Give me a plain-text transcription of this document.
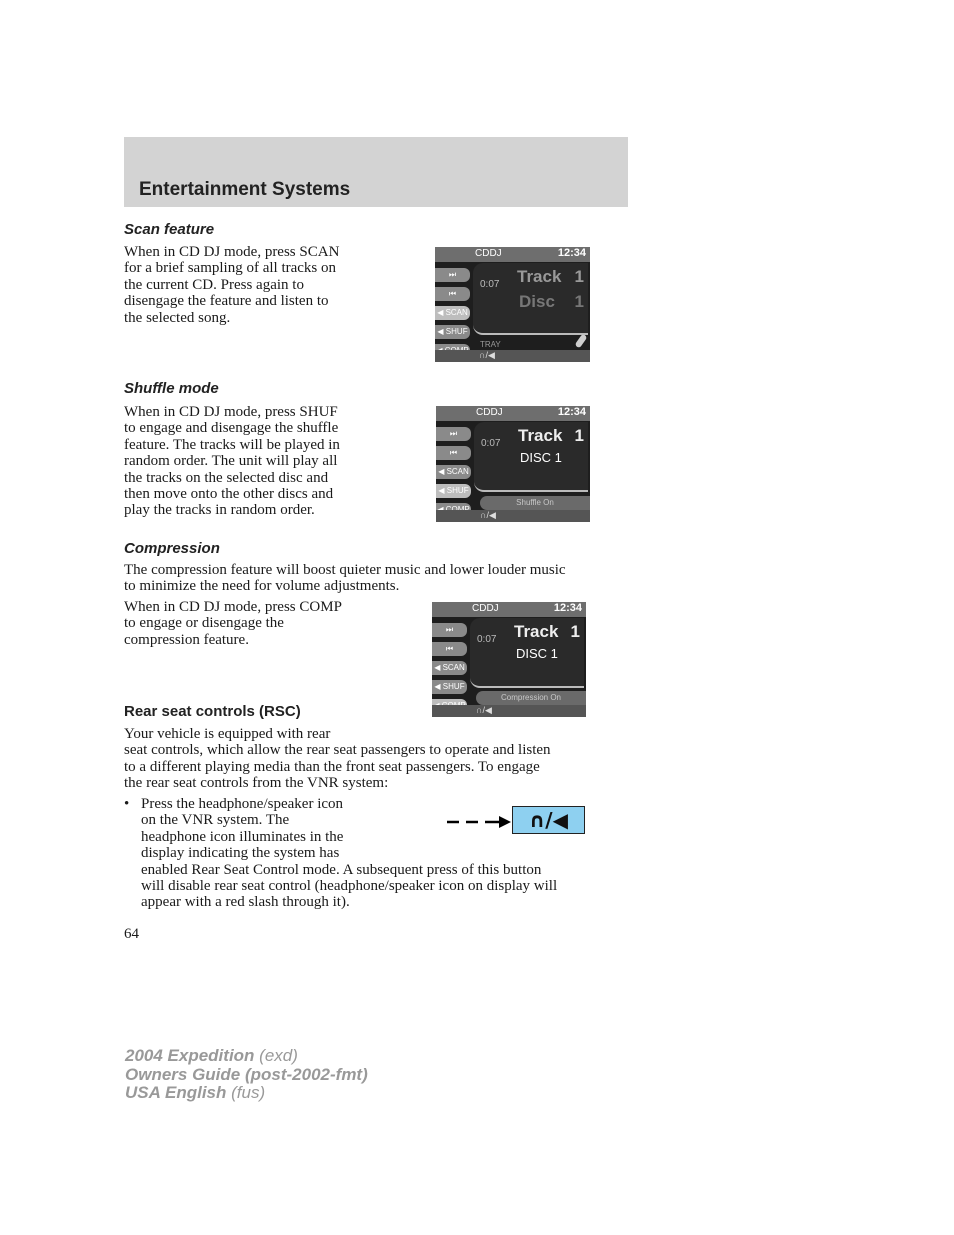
Entertainment Systems
Scan feature
When in CD DJ mode, press SCAN
for a brief sampling of all tracks on
the current CD. Press again to
disengage the feature and listen to
the selected song.
CDDJ	12:34
⏭
⏮
◀ SCAN
◀ SHUF
0:07 Track 1
Disc 1
TRAY
∩/◀
Shuffle mode
When in CD DJ mode, press SHUF
to engage and disengage the shuffle
feature. The tracks will be played in
random order. The unit will play all
the tracks on the selected disc and
then move onto the other discs and
play the tracks in random order.
CDDJ	12:34
⏭
⏮
◀ SCAN
◀ SHUF
0:07 Track 1
DISC 1
Shuffle On
∩/◀
Compression
The compression feature will boost quieter music and lower louder music
to minimize the need for volume adjustments.
When in CD DJ mode, press COMP
to engage or disengage the
compression feature.
CDDJ	12:34
⏭
⏮
◀ SCAN
◀ SHUF
0:07 Track 1
DISC 1
Compression On
∩/◀
Rear seat controls (RSC)
Your vehicle is equipped with rear
seat controls, which allow the rear seat passengers to operate and listen
to a different playing media than the front seat passengers. To engage
the rear seat controls from the VNR system:
• Press the headphone/speaker icon
on the VNR system. The
headphone icon illuminates in the
display indicating the system has
enabled Rear Seat Control mode. A subsequent press of this button
will disable rear seat control (headphone/speaker icon on display will
appear with a red slash through it).
∩/◀
64
2004 Expedition (exd)
Owners Guide (post-2002-fmt)
USA English (fus)
